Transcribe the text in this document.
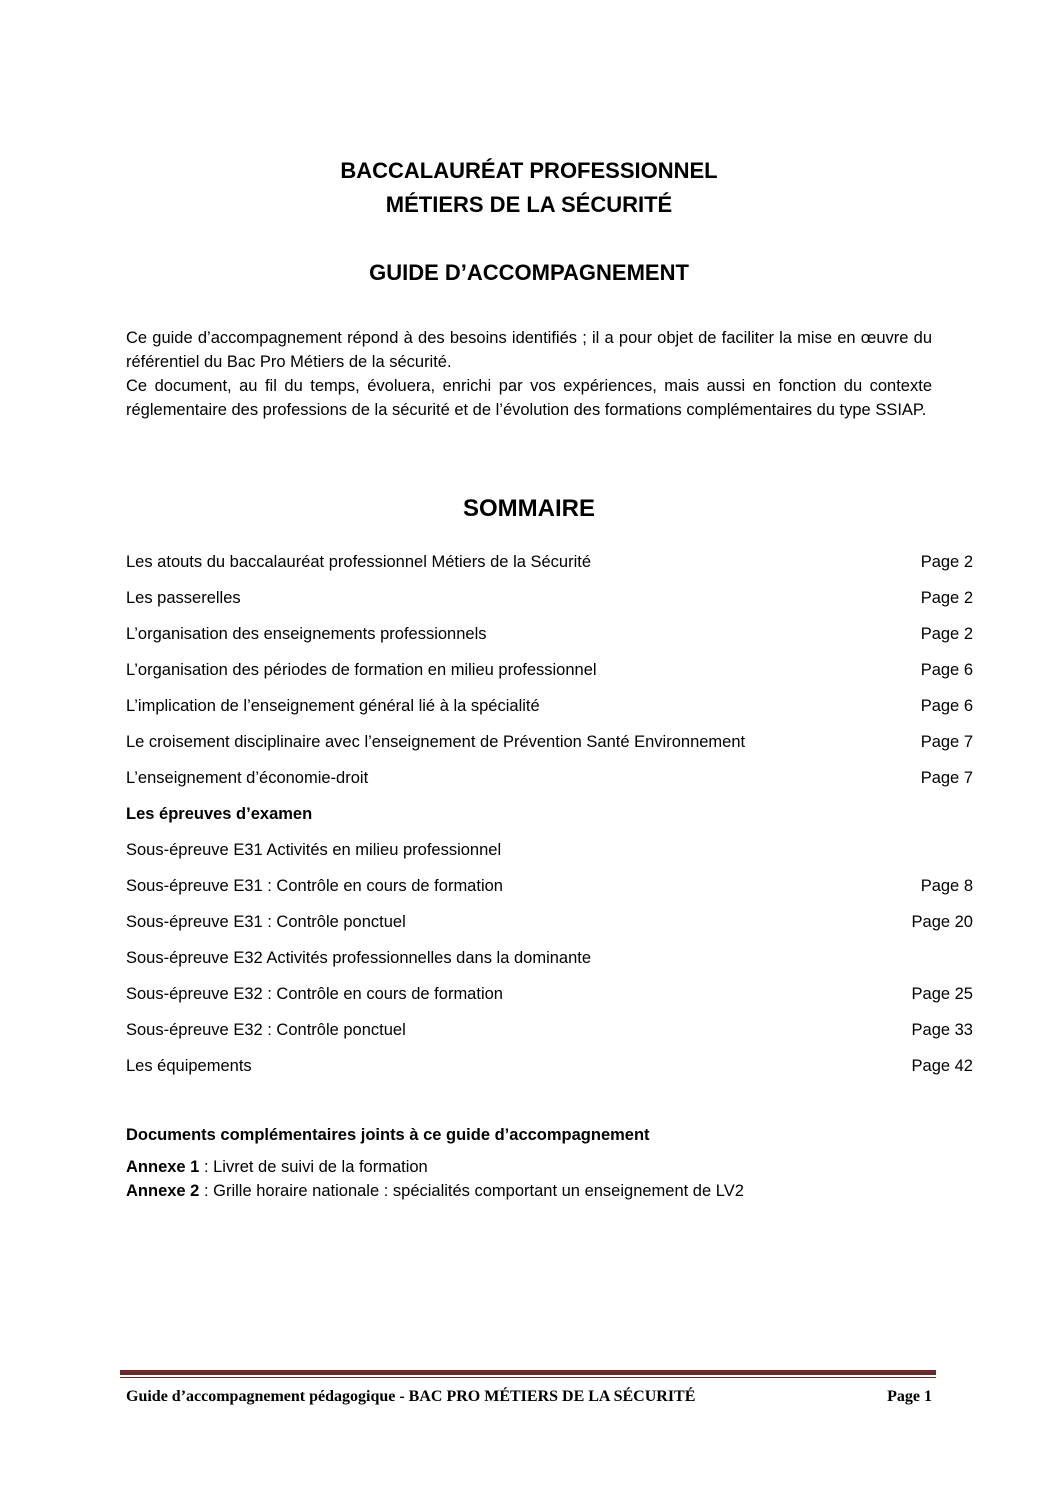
BACCALAURÉAT PROFESSIONNEL
MÉTIERS DE LA SÉCURITÉ
GUIDE D’ACCOMPAGNEMENT

Ce guide d’accompagnement répond à des besoins identifiés ; il a pour objet de faciliter la mise en œuvre du référentiel du Bac Pro Métiers de la sécurité.

Ce document, au fil du temps, évoluera, enrichi par vos expériences, mais aussi en fonction du contexte réglementaire des professions de la sécurité et de l’évolution des formations complémentaires du type SSIAP.

SOMMAIRE
Les atouts du baccalauréat professionnel Métiers de la Sécurité	Page 2
Les passerelles	Page 2
L’organisation des enseignements professionnels	Page 2
L’organisation des périodes de formation en milieu professionnel	Page 6
L’implication de l’enseignement général lié à la spécialité	Page 6
Le croisement disciplinaire avec l’enseignement de Prévention Santé Environnement	Page 7
L’enseignement d’économie-droit	Page 7
Les épreuves d’examen
Sous-épreuve E31 Activités en milieu professionnel
Sous-épreuve E31 : Contrôle en cours de formation	Page 8
Sous-épreuve E31 : Contrôle ponctuel	Page 20
Sous-épreuve E32 Activités professionnelles dans la dominante
Sous-épreuve E32 : Contrôle en cours de formation	Page 25
Sous-épreuve E32 : Contrôle ponctuel	Page 33
Les équipements	Page 42
Documents complémentaires joints à ce guide d’accompagnement
Annexe 1 : Livret de suivi de la formation
Annexe 2 : Grille horaire nationale : spécialités comportant un enseignement de LV2
Guide d’accompagnement pédagogique - BAC PRO MÉTIERS DE LA SÉCURITÉ	Page 1
